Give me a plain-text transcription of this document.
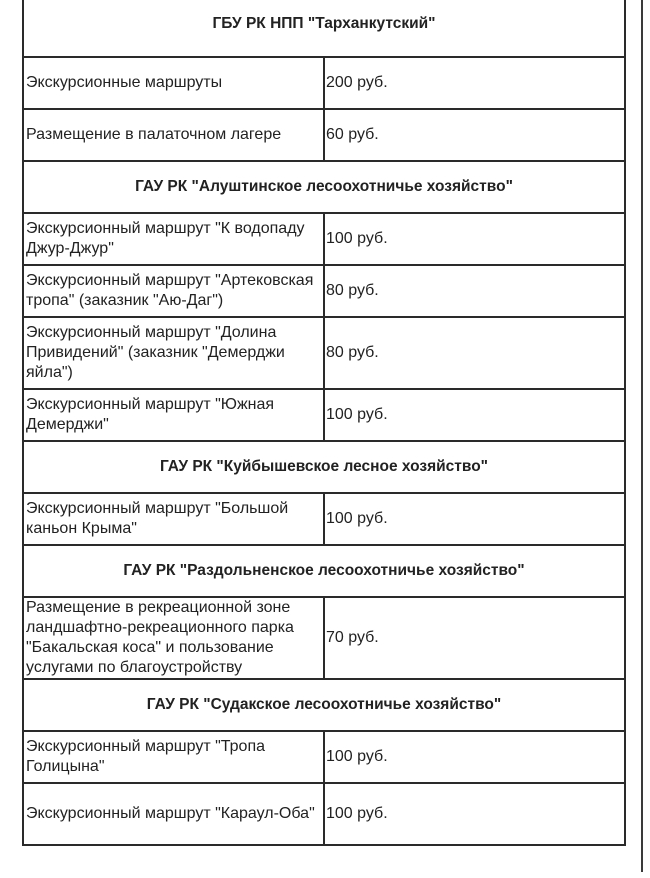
ГБУ РК НПП "Тарханкутский"	
Экскурсионные маршруты	200 руб.
Размещение в палаточном лагере	60 руб.
ГАУ РК "Алуштинское лесоохотничье хозяйство"	
Экскурсионный маршрут "К водопаду Джур-Джур"	100 руб.
Экскурсионный маршрут "Артековская тропа" (заказник "Аю-Даг")	80 руб.
Экскурсионный маршрут "Долина Привидений" (заказник "Демерджи яйла")	80 руб.
Экскурсионный маршрут "Южная Демерджи"	100 руб.
ГАУ РК "Куйбышевское лесное хозяйство"	
Экскурсионный маршрут "Большой каньон Крыма"	100 руб.
ГАУ РК "Раздольненское лесоохотничье хозяйство"	
Размещение в рекреационной зоне ландшафтно-рекреационного парка "Бакальская коса" и пользование услугами по благоустройству	70 руб.
ГАУ РК "Судакское лесоохотничье хозяйство"	
Экскурсионный маршрут "Тропа Голицына"	100 руб.
Экскурсионный маршрут "Караул-Оба"	100 руб.
